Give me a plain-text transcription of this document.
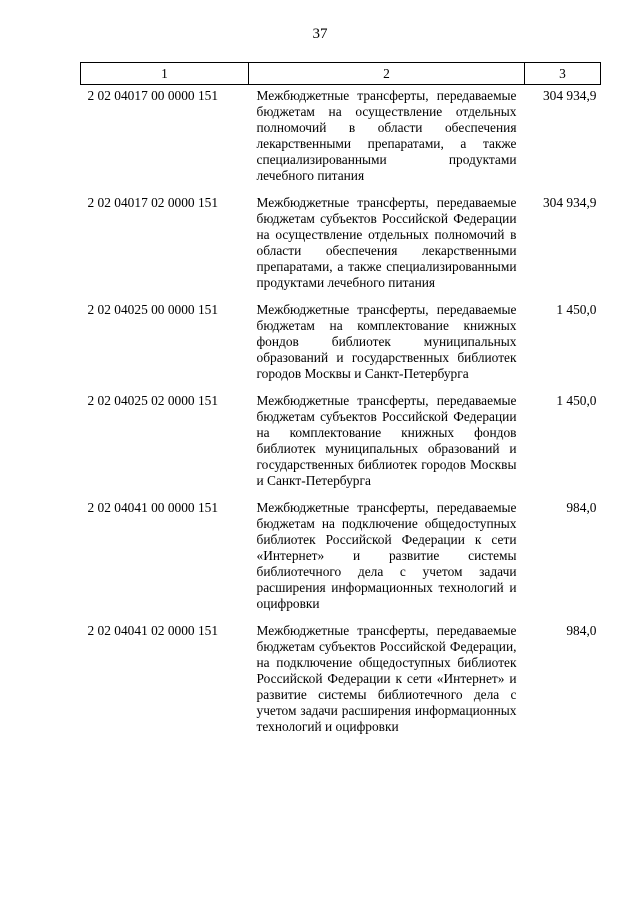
37
1	2	3
2 02 04017 00 0000 151	Межбюджетные трансферты, передаваемые бюджетам на осуществление отдельных полномочий в области обеспечения лекарственными препаратами, а также специализированными продуктами лечебного питания	304 934,9
2 02 04017 02 0000 151	Межбюджетные трансферты, передаваемые бюджетам субъектов Российской Федерации на осуществление отдельных полномочий в области обеспечения лекарственными препаратами, а также специализированными продуктами лечебного питания	304 934,9
2 02 04025 00 0000 151	Межбюджетные трансферты, передаваемые бюджетам на комплектование книжных фондов библиотек муниципальных образований и государственных библиотек городов Москвы и Санкт-Петербурга	1 450,0
2 02 04025 02 0000 151	Межбюджетные трансферты, передаваемые бюджетам субъектов Российской Федерации на комплектование книжных фондов библиотек муниципальных образований и государственных библиотек городов Москвы и Санкт-Петербурга	1 450,0
2 02 04041 00 0000 151	Межбюджетные трансферты, передаваемые бюджетам на подключение общедоступных библиотек Российской Федерации к сети «Интернет» и развитие системы библиотечного дела с учетом задачи расширения информационных технологий и оцифровки	984,0
2 02 04041 02 0000 151	Межбюджетные трансферты, передаваемые бюджетам субъектов Российской Федерации, на подключение общедоступных библиотек Российской Федерации к сети «Интернет» и развитие системы библиотечного дела с учетом задачи расширения информационных технологий и оцифровки	984,0
